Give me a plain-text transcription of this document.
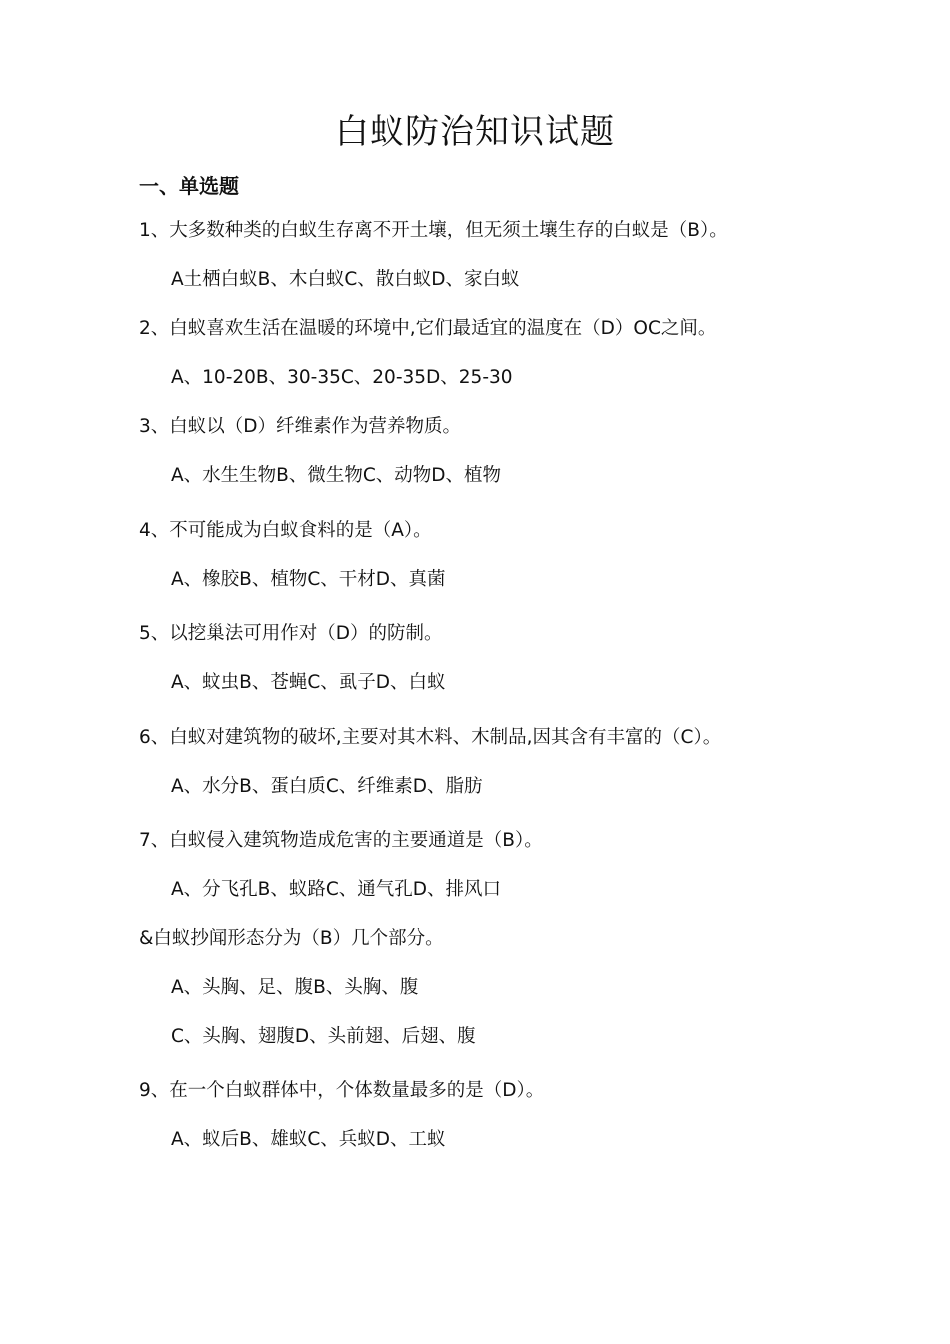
白蚁防治知识试题
一、单选题
1、大多数种类的白蚁生存离不开土壤，但无须土壤生存的白蚁是（B）。
A土栖白蚁B、木白蚁C、散白蚁D、家白蚁
2、白蚁喜欢生活在温暖的环境中,它们最适宜的温度在（D）OC之间。
A、10-20B、30-35C、20-35D、25-30
3、白蚁以（D）纤维素作为营养物质。
A、水生生物B、微生物C、动物D、植物
4、不可能成为白蚁食料的是（A）。
A、橡胶B、植物C、干材D、真菌
5、以挖巢法可用作对（D）的防制。
A、蚊虫B、苍蝇C、虱子D、白蚁
6、白蚁对建筑物的破坏,主要对其木料、木制品,因其含有丰富的（C）。
A、水分B、蛋白质C、纤维素D、脂肪
7、白蚁侵入建筑物造成危害的主要通道是（B）。
A、分飞孔B、蚁路C、通气孔D、排风口
&白蚁抄闻形态分为（B）几个部分。
A、头胸、足、腹B、头胸、腹
C、头胸、翅腹D、头前翅、后翅、腹
9、在一个白蚁群体中，个体数量最多的是（D）。
A、蚁后B、雄蚁C、兵蚁D、工蚁
